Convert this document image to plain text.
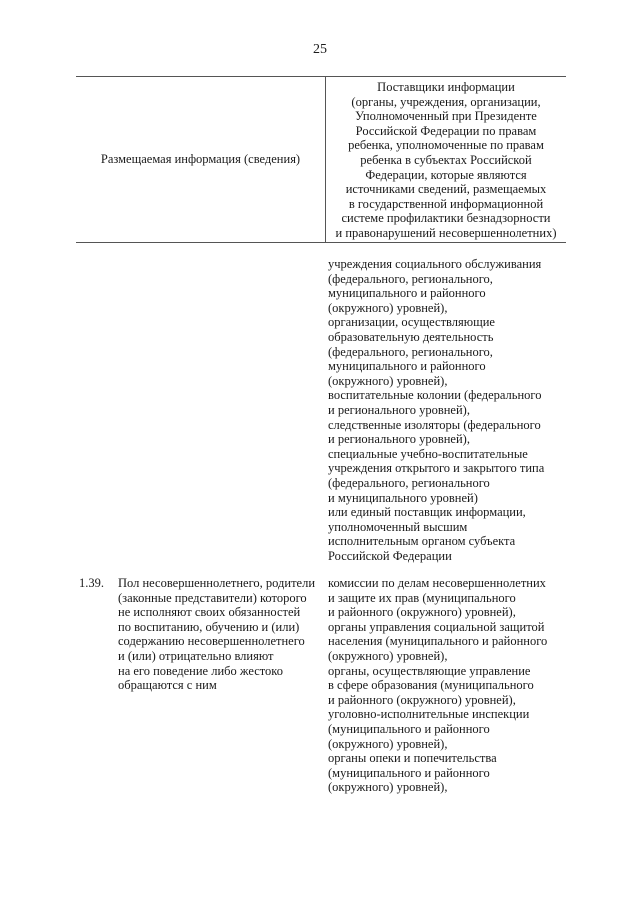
25
Размещаемая информация (сведения)
Поставщики информации
(органы, учреждения, организации,
Уполномоченный при Президенте
Российской Федерации по правам
ребенка, уполномоченные по правам
ребенка в субъектах Российской
Федерации, которые являются
источниками сведений, размещаемых
в государственной информационной
системе профилактики безнадзорности
и правонарушений несовершеннолетних)
учреждения социального обслуживания
(федерального, регионального,
муниципального и районного
(окружного) уровней),
организации, осуществляющие
образовательную деятельность
(федерального, регионального,
муниципального и районного
(окружного) уровней),
воспитательные колонии (федерального
и регионального уровней),
следственные изоляторы (федерального
и регионального уровней),
специальные учебно-воспитательные
учреждения открытого и закрытого типа
(федерального, регионального
и муниципального уровней)
или единый поставщик информации,
уполномоченный высшим
исполнительным органом субъекта
Российской Федерации
1.39. Пол несовершеннолетнего, родители
(законные представители) которого
не исполняют своих обязанностей
по воспитанию, обучению и (или)
содержанию несовершеннолетнего
и (или) отрицательно влияют
на его поведение либо жестоко
обращаются с ним
комиссии по делам несовершеннолетних
и защите их прав (муниципального
и районного (окружного) уровней),
органы управления социальной защитой
населения (муниципального и районного
(окружного) уровней),
органы, осуществляющие управление
в сфере образования (муниципального
и районного (окружного) уровней),
уголовно-исполнительные инспекции
(муниципального и районного
(окружного) уровней),
органы опеки и попечительства
(муниципального и районного
(окружного) уровней),
